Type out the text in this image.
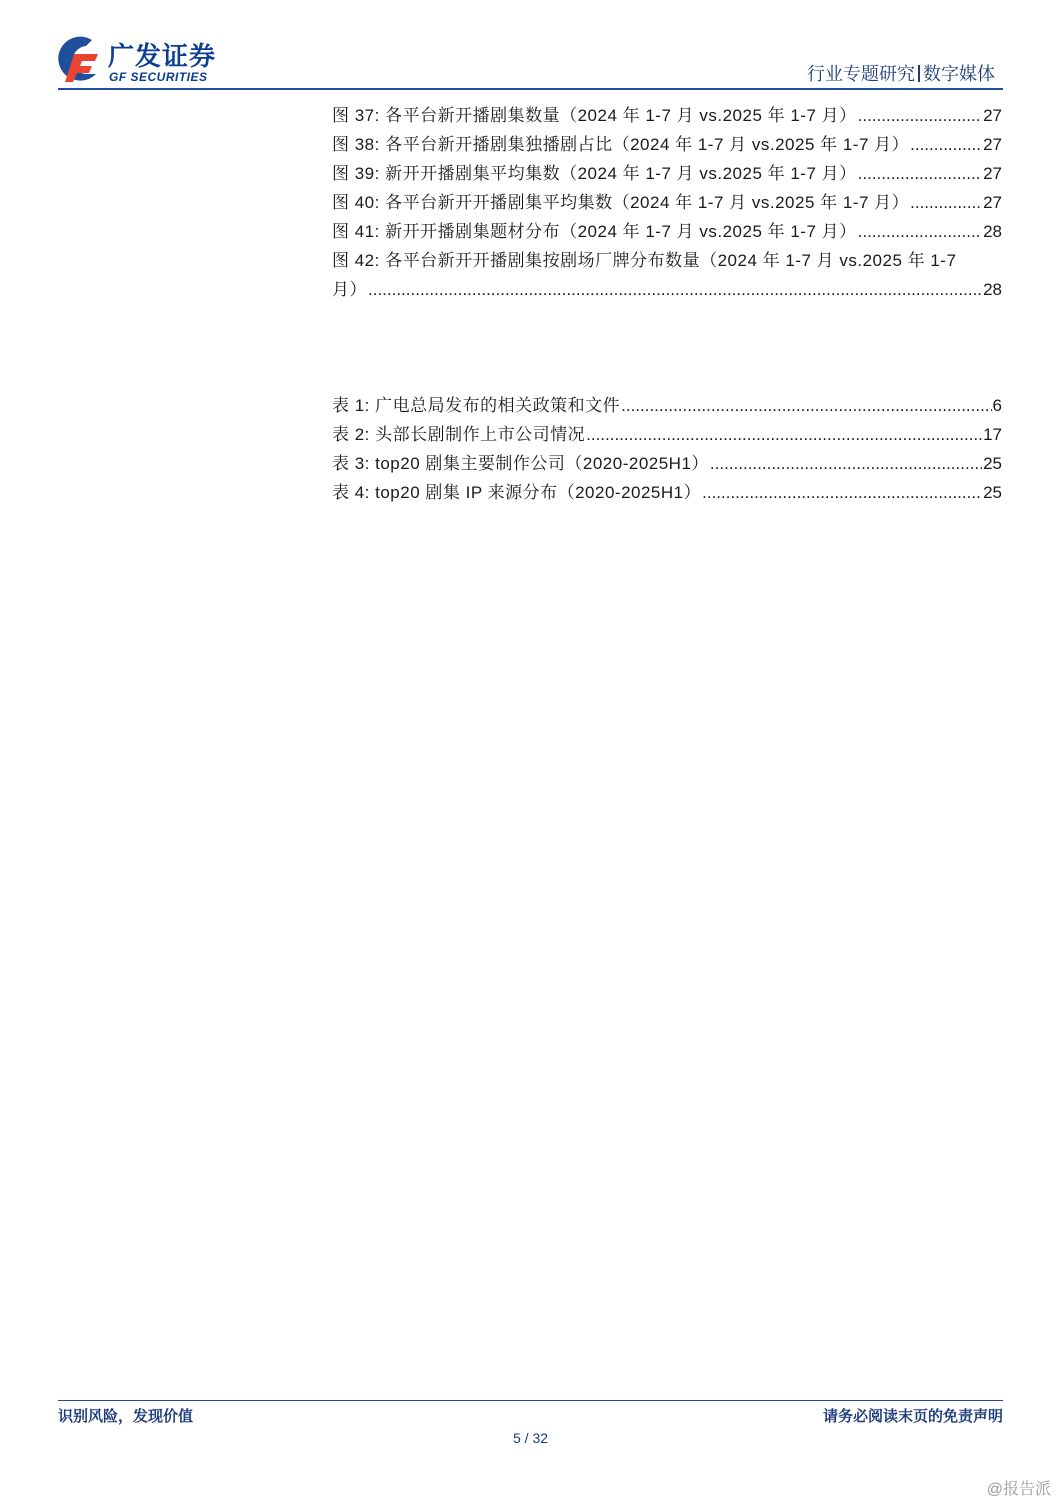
广发证券
GF SECURITIES	行业专题研究 数字媒体
图 37: 各平台新开播剧集数量（2024 年 1-7 月 vs.2025 年 1-7 月） .....	27
图 38: 各平台新开播剧集独播剧占比（2024 年 1-7 月 vs.2025 年 1-7 月） .....	27
图 39: 新开开播剧集平均集数（2024 年 1-7 月 vs.2025 年 1-7 月） .....	27
图 40: 各平台新开开播剧集平均集数（2024 年 1-7 月 vs.2025 年 1-7 月） .....	27
图 41: 新开开播剧集题材分布（2024 年 1-7 月 vs.2025 年 1-7 月） .....	28
图 42: 各平台新开开播剧集按剧场厂牌分布数量（2024 年 1-7 月 vs.2025 年 1-7
月） .....	28
表 1: 广电总局发布的相关政策和文件 .....	6
表 2: 头部长剧制作上市公司情况 .....	17
表 3: top20 剧集主要制作公司（2020-2025H1） .....	25
表 4: top20 剧集 IP 来源分布（2020-2025H1） .....	25
识别风险，发现价值	请务必阅读末页的免责声明
5 / 32
@报告派
